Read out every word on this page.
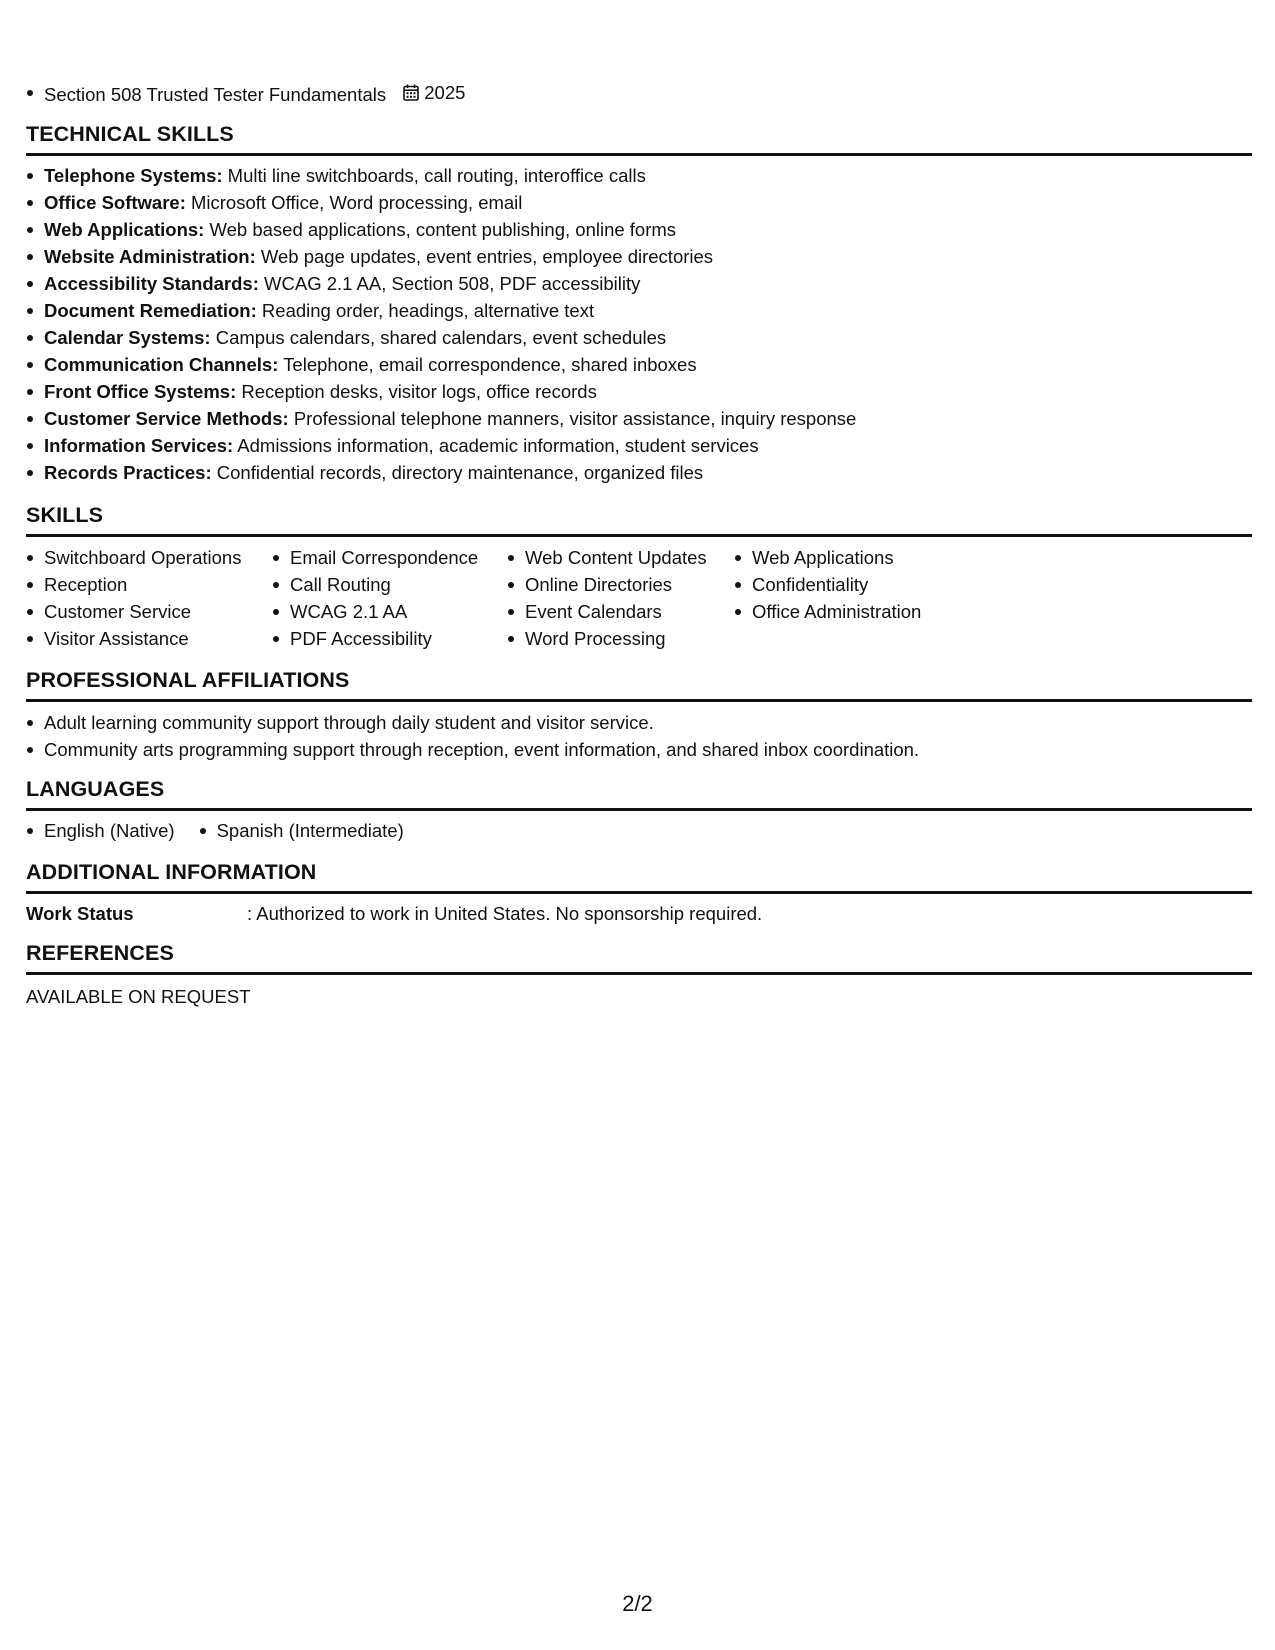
Section 508 Trusted Tester Fundamentals 2025
TECHNICAL SKILLS
Telephone Systems: Multi line switchboards, call routing, interoffice calls
Office Software: Microsoft Office, Word processing, email
Web Applications: Web based applications, content publishing, online forms
Website Administration: Web page updates, event entries, employee directories
Accessibility Standards: WCAG 2.1 AA, Section 508, PDF accessibility
Document Remediation: Reading order, headings, alternative text
Calendar Systems: Campus calendars, shared calendars, event schedules
Communication Channels: Telephone, email correspondence, shared inboxes
Front Office Systems: Reception desks, visitor logs, office records
Customer Service Methods: Professional telephone manners, visitor assistance, inquiry response
Information Services: Admissions information, academic information, student services
Records Practices: Confidential records, directory maintenance, organized files
SKILLS
Switchboard Operations
Reception
Customer Service
Visitor Assistance
Email Correspondence
Call Routing
WCAG 2.1 AA
PDF Accessibility
Web Content Updates
Online Directories
Event Calendars
Word Processing
Web Applications
Confidentiality
Office Administration
PROFESSIONAL AFFILIATIONS
Adult learning community support through daily student and visitor service.
Community arts programming support through reception, event information, and shared inbox coordination.
LANGUAGES
English (Native)	Spanish (Intermediate)
ADDITIONAL INFORMATION
Work Status	: Authorized to work in United States. No sponsorship required.
REFERENCES
AVAILABLE ON REQUEST
2/2
